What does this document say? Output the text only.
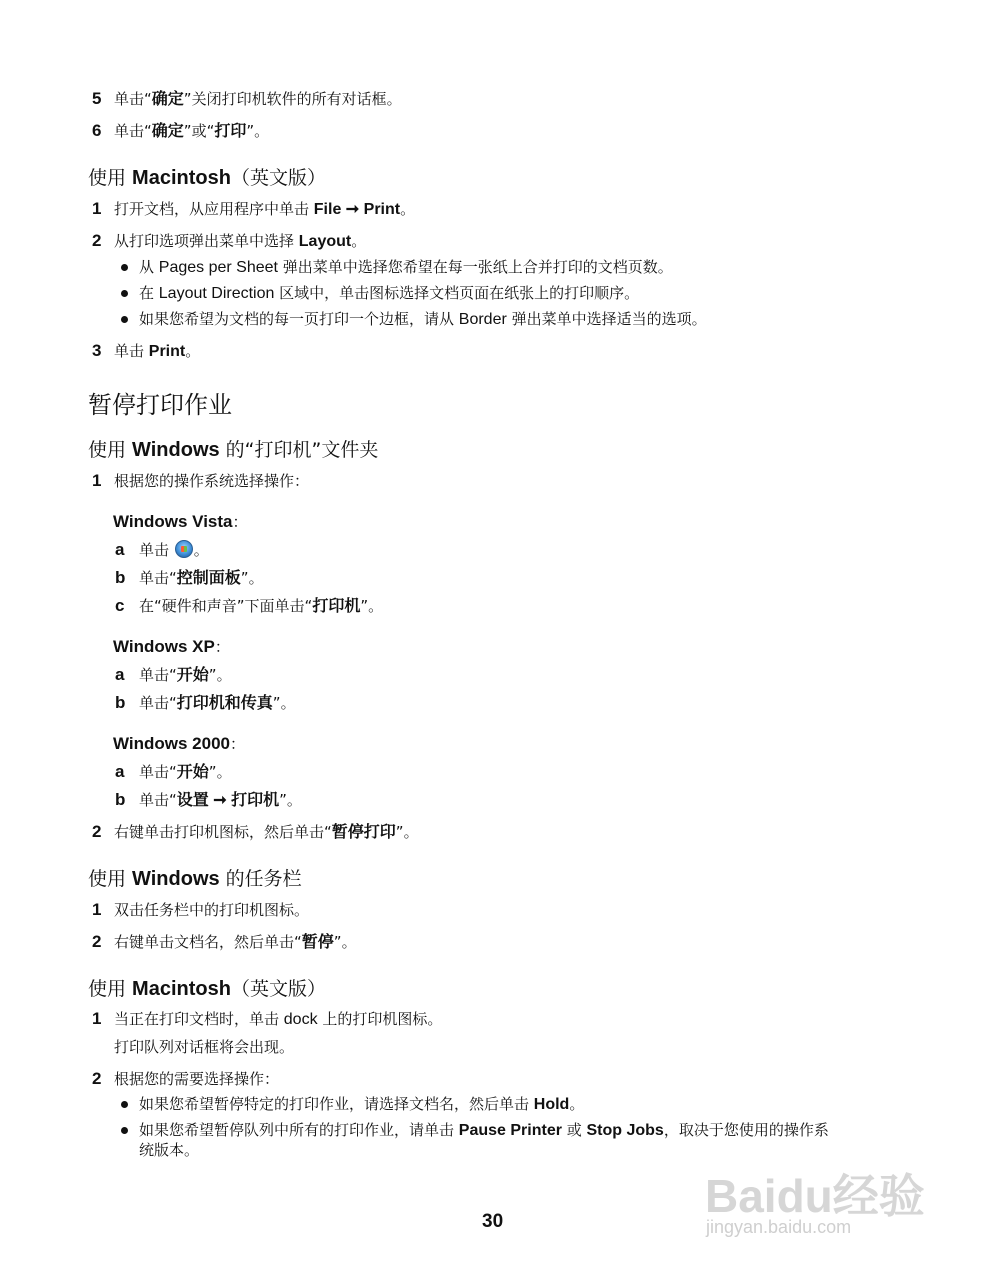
5 单击“确定”关闭打印机软件的所有对话框。
6 单击“确定”或“打印”。
使用 Macintosh（英文版）
1 打开文档，从应用程序中单击 File ➞ Print。
2 从打印选项弹出菜单中选择 Layout。
从 Pages per Sheet 弹出菜单中选择您希望在每一张纸上合并打印的文档页数。
在 Layout Direction 区域中，单击图标选择文档页面在纸张上的打印顺序。
如果您希望为文档的每一页打印一个边框，请从 Border 弹出菜单中选择适当的选项。
3 单击 Print。
暂停打印作业
使用 Windows 的“打印机”文件夹
1 根据您的操作系统选择操作：
Windows Vista：
a 单击 。
b 单击“控制面板”。
c 在“硬件和声音”下面单击“打印机”。
Windows XP：
a 单击“开始”。
b 单击“打印机和传真”。
Windows 2000：
a 单击“开始”。
b 单击“设置 ➞ 打印机”。
2 右键单击打印机图标，然后单击“暂停打印”。
使用 Windows 的任务栏
1 双击任务栏中的打印机图标。
2 右键单击文档名，然后单击“暂停”。
使用 Macintosh（英文版）
1 当正在打印文档时，单击 dock 上的打印机图标。
打印队列对话框将会出现。
2 根据您的需要选择操作：
如果您希望暂停特定的打印作业，请选择文档名，然后单击 Hold。
如果您希望暂停队列中所有的打印作业，请单击 Pause Printer 或 Stop Jobs，取决于您使用的操作系
统版本。
30	Baidu经验
jingyan.baidu.com
